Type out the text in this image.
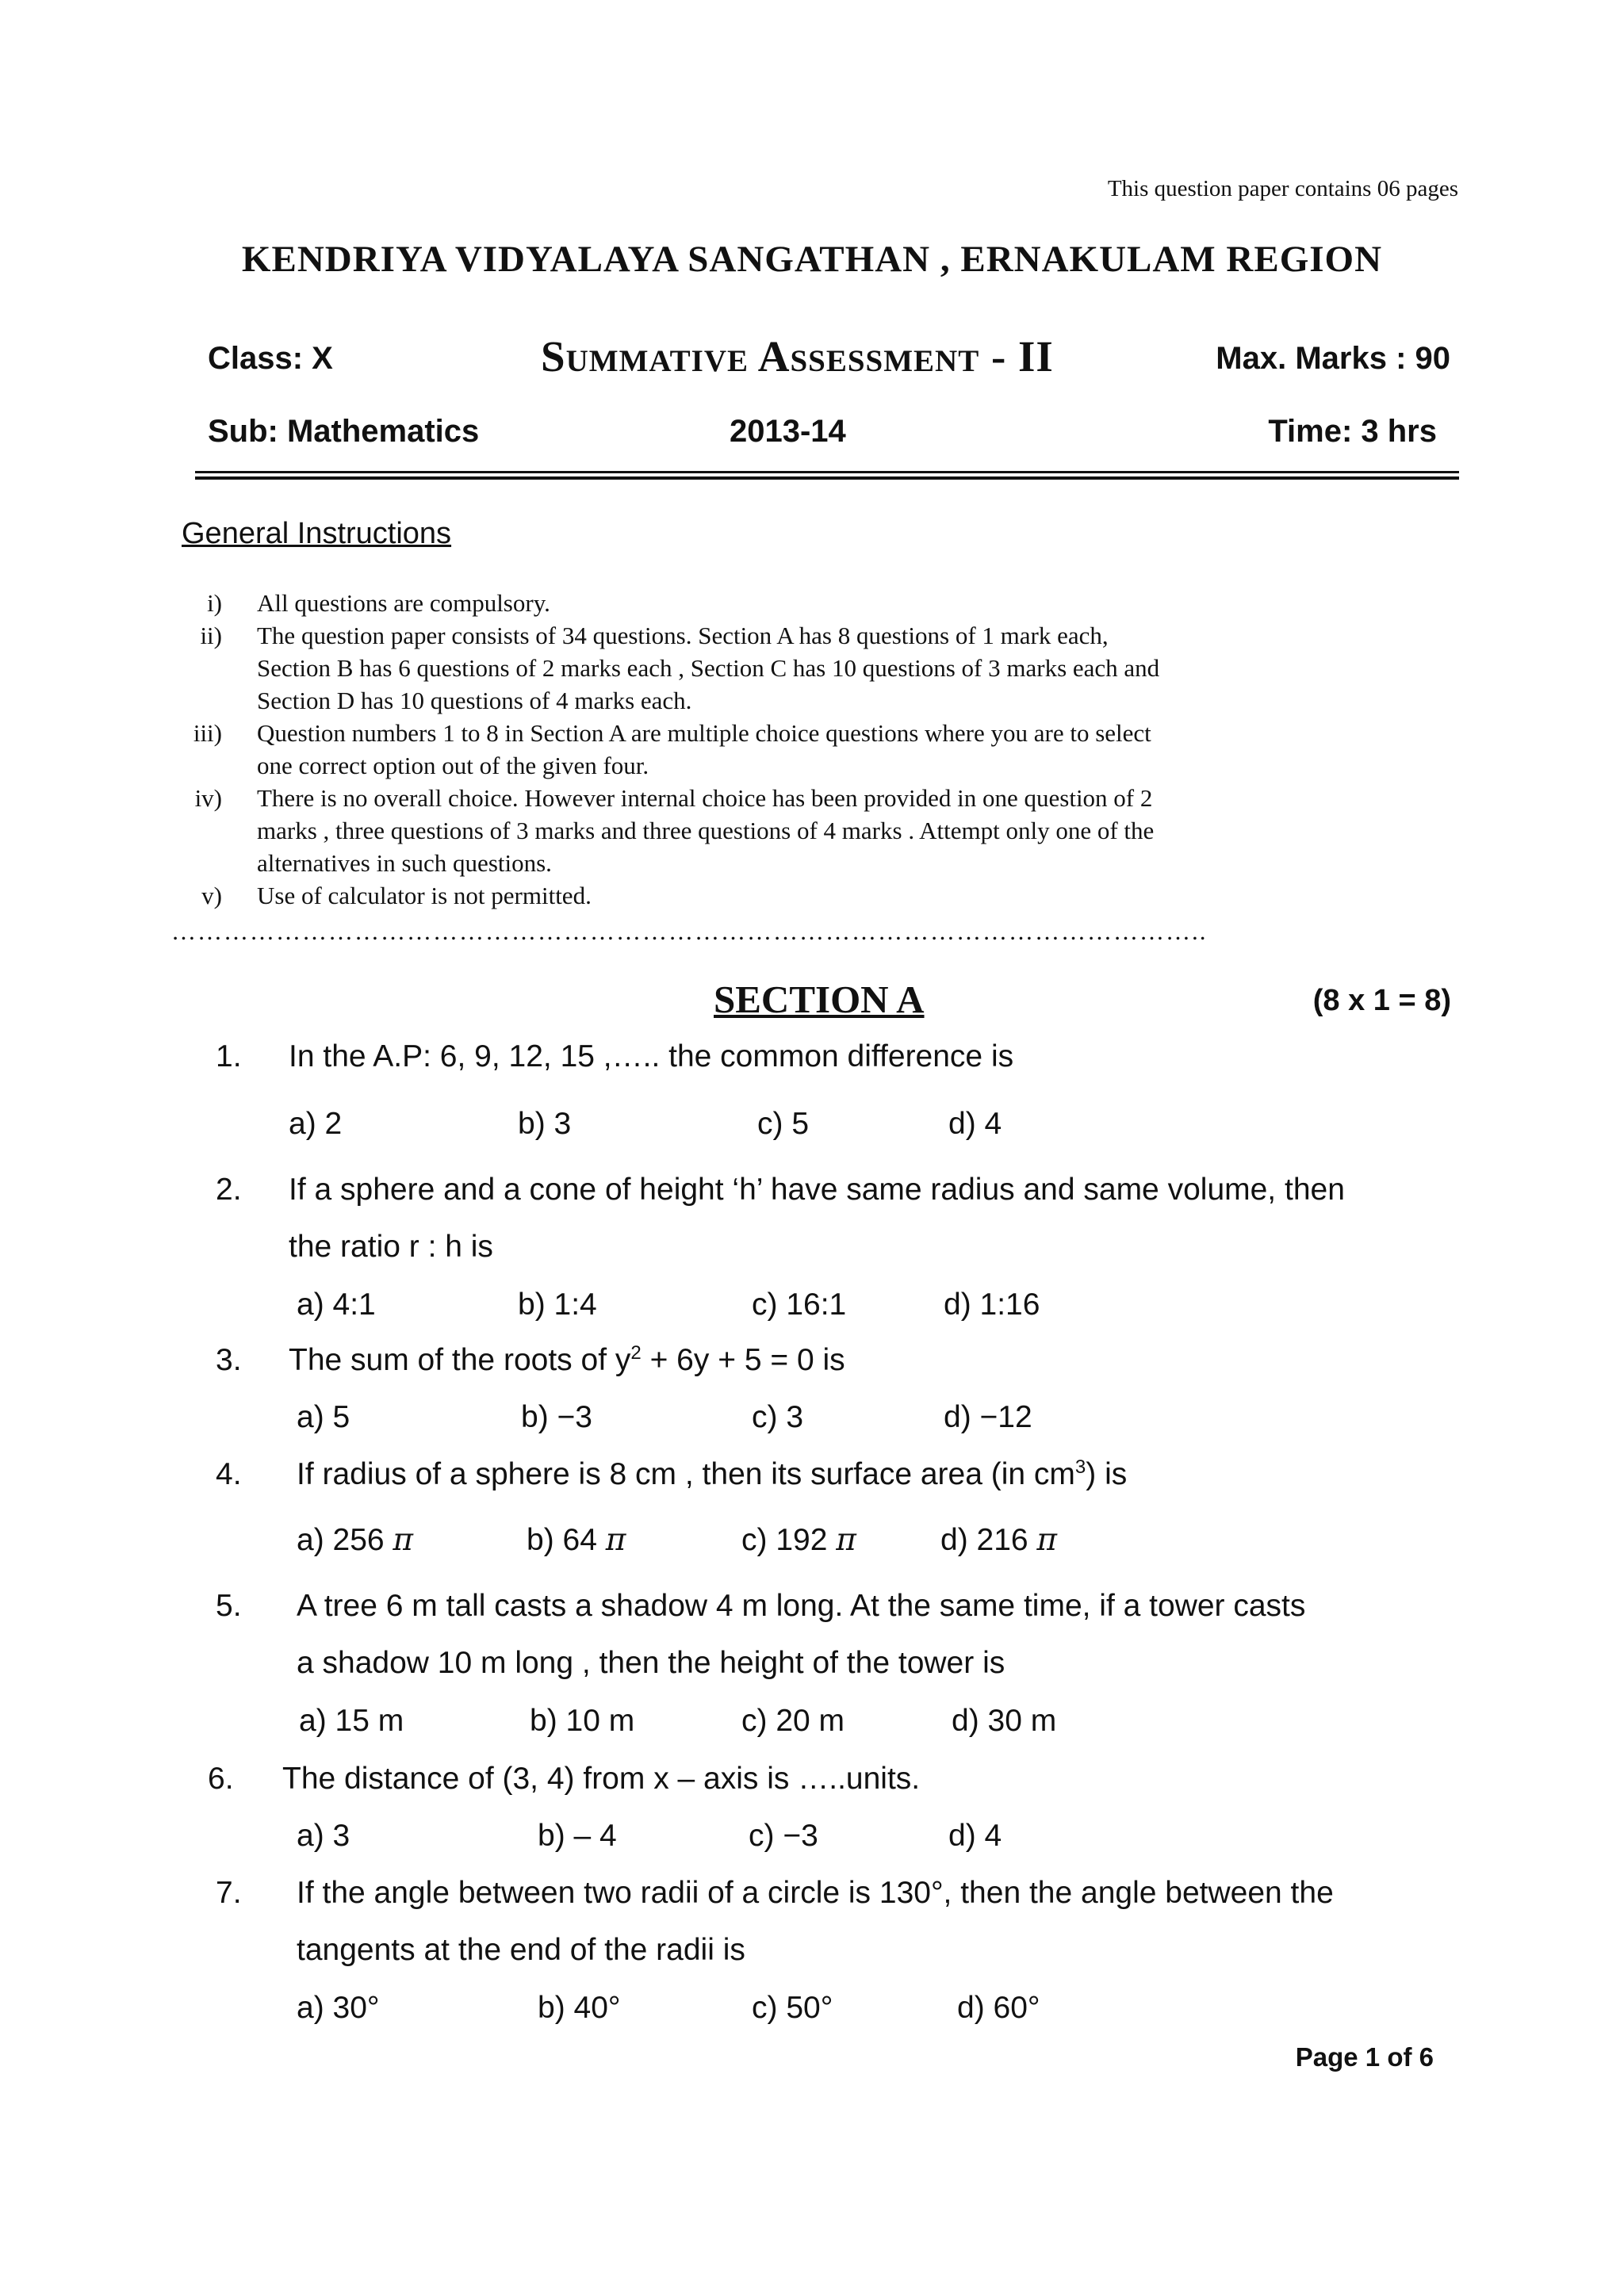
This question paper contains 06 pages
KENDRIYA VIDYALAYA SANGATHAN , ERNAKULAM REGION
Class: X	Summative Assessment - II	Max. Marks : 90
Sub: Mathematics	2013-14	Time: 3 hrs
General Instructions
i) All questions are compulsory.
ii) The question paper consists of 34 questions. Section A has 8 questions of 1 mark each,
Section B has 6 questions of 2 marks each , Section C has 10 questions of 3 marks each and
Section D has 10 questions of 4 marks each.
iii) Question numbers 1 to 8 in Section A are multiple choice questions where you are to select
one correct option out of the given four.
iv) There is no overall choice. However internal choice has been provided in one question of 2
marks , three questions of 3 marks and three questions of 4 marks . Attempt only one of the
alternatives in such questions.
v) Use of calculator is not permitted.
………………………………………………………………………………………………………..
SECTION A	(8 x 1 = 8)
1. In the A.P: 6, 9, 12, 15 ,….. the common difference is
a) 2	b) 3	c) 5	d) 4
2. If a sphere and a cone of height ‘h’ have same radius and same volume, then
the ratio r : h is
a) 4:1	b) 1:4	c) 16:1	d) 1:16
3. The sum of the roots of $y^2 + 6y + 5 = 0$ is
a) 5	b) −3	c) 3	d) −12
4. If radius of a sphere is 8 cm , then its surface area (in $cm^3$) is
a) 256 π	b) 64 π	c) 192 π	d) 216 π
5. A tree 6 m tall casts a shadow 4 m long. At the same time, if a tower casts
a shadow 10 m long , then the height of the tower is
a) 15 m	b) 10 m	c) 20 m	d) 30 m
6. The distance of (3, 4) from x – axis is …..units.
a) 3	b) – 4	c) −3	d) 4
7. If the angle between two radii of a circle is 130°, then the angle between the
tangents at the end of the radii is
a) 30°	b) 40°	c) 50°	d) 60°
Page 1 of 6
